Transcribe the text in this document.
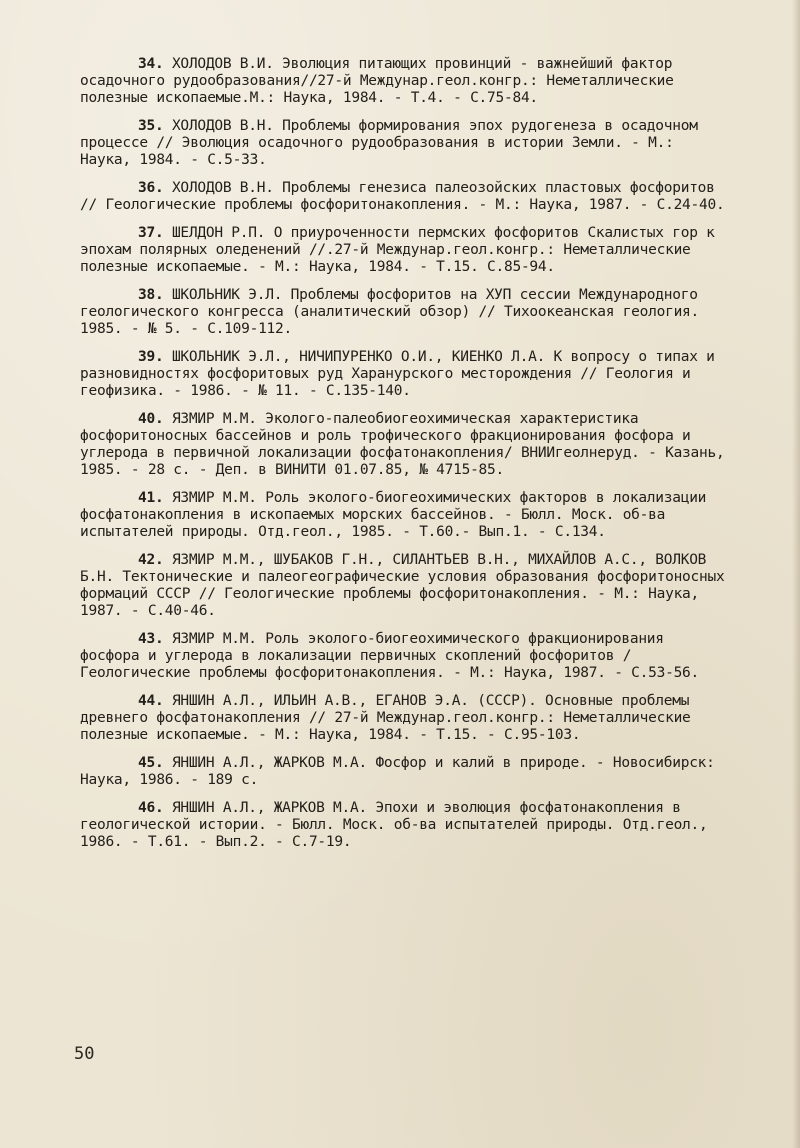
34. ХОЛОДОВ В.И. Эволюция питающих провинций - важнейший фактор осадочного рудообразования//27-й Междунар.геол.конгр.: Неметаллические полезные ископаемые.М.: Наука, 1984. - Т.4. - С.75-84.

35. ХОЛОДОВ В.Н. Проблемы формирования эпох рудогенеза в осадочном процессе // Эволюция осадочного рудообразования в истории Земли. - М.: Наука, 1984. - С.5-33.

36. ХОЛОДОВ В.Н. Проблемы генезиса палеозойских пластовых фосфоритов // Геологические проблемы фосфоритонакопления. - М.: Наука, 1987. - С.24-40.

37. ШЕЛДОН Р.П. О приуроченности пермских фосфоритов Скалистых гор к эпохам полярных оледенений //.27-й Междунар.геол.конгр.: Неметаллические полезные ископаемые. - М.: Наука, 1984. - Т.15. С.85-94.

38. ШКОЛЬНИК Э.Л. Проблемы фосфоритов на ХУП сессии Международного геологического конгресса (аналитический обзор) // Тихоокеанская геология. 1985. - № 5. - С.109-112.

39. ШКОЛЬНИК Э.Л., НИЧИПУРЕНКО О.И., КИЕНКО Л.А. К вопросу о типах и разновидностях фосфоритовых руд Харанурского месторождения // Геология и геофизика. - 1986. - № 11. - С.135-140.

40. ЯЗМИР М.М. Эколого-палеобиогеохимическая характеристика фосфоритоносных бассейнов и роль трофического фракционирования фосфора и углерода в первичной локализации фосфатонакопления/ ВНИИгеолнеруд. - Казань, 1985. - 28 с. - Деп. в ВИНИТИ 01.07.85, № 4715-85.

41. ЯЗМИР М.М. Роль эколого-биогеохимических факторов в локализации фосфатонакопления в ископаемых морских бассейнов. - Бюлл. Моск. об-ва испытателей природы. Отд.геол., 1985. - Т.60.- Вып.1. - С.134.

42. ЯЗМИР М.М., ШУБАКОВ Г.Н., СИЛАНТЬЕВ В.Н., МИХАЙЛОВ А.С., ВОЛКОВ Б.Н. Тектонические и палеогеографические условия образования фосфоритоносных формаций СССР // Геологические проблемы фосфоритонакопления. - М.: Наука, 1987. - С.40-46.

43. ЯЗМИР М.М. Роль эколого-биогеохимического фракционирования фосфора и углерода в локализации первичных скоплений фосфоритов / Геологические проблемы фосфоритонакопления. - М.: Наука, 1987. - С.53-56.

44. ЯНШИН А.Л., ИЛЬИН А.В., ЕГАНОВ Э.А. (СССР). Основные проблемы древнего фосфатонакопления // 27-й Междунар.геол.конгр.: Неметаллические полезные ископаемые. - М.: Наука, 1984. - Т.15. - С.95-103.

45. ЯНШИН А.Л., ЖАРКОВ М.А. Фосфор и калий в природе. - Новосибирск: Наука, 1986. - 189 с.

46. ЯНШИН А.Л., ЖАРКОВ М.А. Эпохи и эволюция фосфатонакопления в геологической истории. - Бюлл. Моск. об-ва испытателей природы. Отд.геол., 1986. - Т.61. - Вып.2. - С.7-19.

50
